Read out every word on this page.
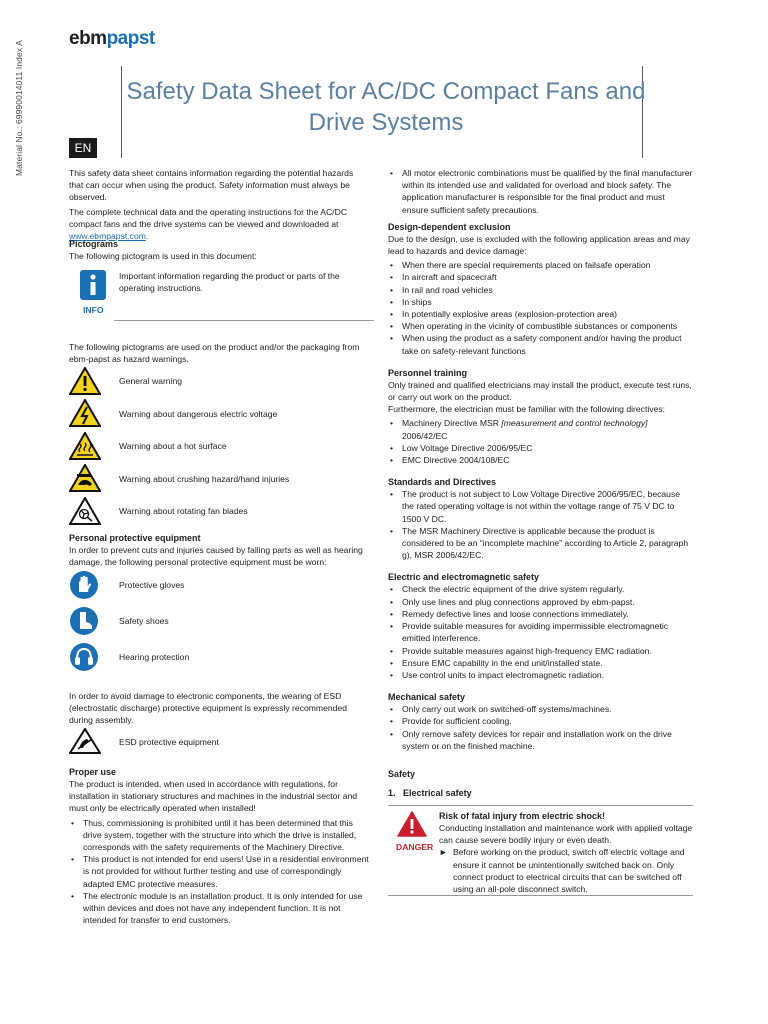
Material No.: 69990014011 Index A
ebmpapst
Safety Data Sheet for AC/DC Compact Fans and
Drive Systems
EN

This safety data sheet contains information regarding the potential hazards that can occur when using the product. Safety information must always be observed.

The complete technical data and the operating instructions for the AC/DC compact fans and the drive systems can be viewed and downloaded at
www.ebmpapst.com.

Pictograms

The following pictogram is used in this document:

INFO

Important information regarding the product or parts of the operating instructions.

The following pictograms are used on the product and/or the packaging from ebm-papst as hazard warnings.

General warning
Warning about dangerous electric voltage
Warning about a hot surface
Warning about crushing hazard/hand injuries
Warning about rotating fan blades
Personal protective equipment

In order to prevent cuts and injuries caused by falling parts as well as hearing damage, the following personal protective equipment must be worn:

Protective gloves
Safety shoes
Hearing protection

In order to avoid damage to electronic components, the wearing of ESD (electrostatic discharge) protective equipment is expressly recommended during assembly.

ESD protective equipment
Proper use

The product is intended, when used in accordance with regulations, for installation in stationary structures and machines in the industrial sector and must only be electrically operated when installed!

• Thus, commissioning is prohibited until it has been determined that this drive system, together with the structure into which the drive is installed, corresponds with the safety requirements of the Machinery Directive.
• This product is not intended for end users! Use in a residential environment is not provided for without further testing and use of correspondingly adapted EMC protective measures.
• The electronic module is an installation product. It is only intended for use within devices and does not have any independent function. It is not intended for transfer to end customers.
• All motor electronic combinations must be qualified by the final manufacturer within its intended use and validated for overload and block safety. The application manufacturer is responsible for the final product and must ensure sufficient safety precautions.
Design-dependent exclusion

Due to the design, use is excluded with the following application areas and may lead to hazards and device damage:

• When there are special requirements placed on failsafe operation
• In aircraft and spacecraft
• In rail and road vehicles
• In ships
• In potentially explosive areas (explosion-protection area)
• When operating in the vicinity of combustible substances or components
• When using the product as a safety component and/or having the product take on safety-relevant functions
Personnel training

Only trained and qualified electricians may install the product, execute test runs, or carry out work on the product.

Furthermore, the electrician must be familiar with the following directives:

• Machinery Directive MSR [measurement and control technology] 2006/42/EC
• Low Voltage Directive 2006/95/EC
• EMC Directive 2004/108/EC
Standards and Directives
• The product is not subject to Low Voltage Directive 2006/95/EC, because the rated operating voltage is not within the voltage range of 75 V DC to 1500 V DC.
• The MSR Machinery Directive is applicable because the product is considered to be an “incomplete machine” according to Article 2, paragraph g), MSR 2006/42/EC.
Electric and electromagnetic safety
• Check the electric equipment of the drive system regularly.
• Only use lines and plug connections approved by ebm-papst.
• Remedy defective lines and loose connections immediately.
• Provide suitable measures for avoiding impermissible electromagnetic emitted interference.
• Provide suitable measures against high-frequency EMC radiation.
• Ensure EMC capability in the end unit/installed state.
• Use control units to impact electromagnetic radiation.
Mechanical safety
• Only carry out work on switched-off systems/machines.
• Provide for sufficient cooling.
• Only remove safety devices for repair and installation work on the drive system or on the finished machine.
Safety
1. Electrical safety
DANGER
Risk of fatal injury from electric shock!

Conducting installation and maintenance work with applied voltage can cause severe bodily injury or even death.

► Before working on the product, switch off electric voltage and ensure it cannot be unintentionally switched back on. Only connect product to electrical circuits that can be switched off using an all-pole disconnect switch.
